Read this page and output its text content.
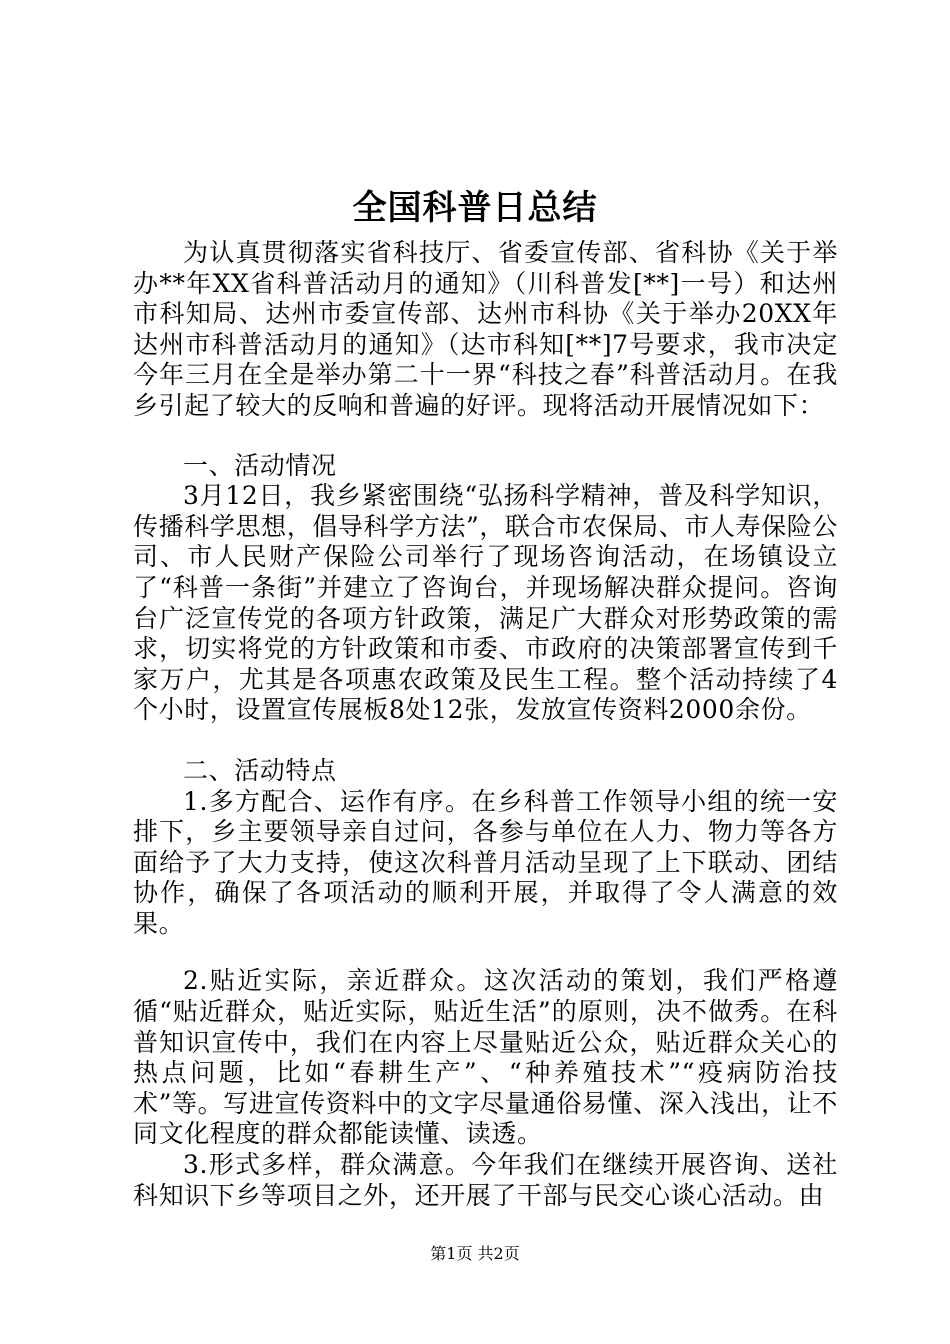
全国科普日总结

为认真贯彻落实省科技厅、省委宣传部、省科协《关于举办**年XX省科普活动月的通知》（川科普发[**]一号）和达州市科知局、达州市委宣传部、达州市科协《关于举办20XX年达州市科普活动月的通知》（达市科知[**]7号要求，我市决定今年三月在全是举办第二十一界“科技之春”科普活动月。在我乡引起了较大的反响和普遍的好评。现将活动开展情况如下：

一、活动情况

3月12日，我乡紧密围绕“弘扬科学精神，普及科学知识，传播科学思想，倡导科学方法”，联合市农保局、市人寿保险公司、市人民财产保险公司举行了现场咨询活动，在场镇设立了“科普一条街”并建立了咨询台，并现场解决群众提问。咨询台广泛宣传党的各项方针政策，满足广大群众对形势政策的需求，切实将党的方针政策和市委、市政府的决策部署宣传到千家万户，尤其是各项惠农政策及民生工程。整个活动持续了4个小时，设置宣传展板8处12张，发放宣传资料2000余份。

二、活动特点

1.多方配合、运作有序。在乡科普工作领导小组的统一安排下，乡主要领导亲自过问，各参与单位在人力、物力等各方面给予了大力支持，使这次科普月活动呈现了上下联动、团结协作，确保了各项活动的顺利开展，并取得了令人满意的效果。

2.贴近实际，亲近群众。这次活动的策划，我们严格遵循“贴近群众，贴近实际，贴近生活”的原则，决不做秀。在科普知识宣传中，我们在内容上尽量贴近公众，贴近群众关心的热点问题，比如“春耕生产”、“种养殖技术”“疫病防治技术”等。写进宣传资料中的文字尽量通俗易懂、深入浅出，让不同文化程度的群众都能读懂、读透。

3.形式多样，群众满意。今年我们在继续开展咨询、送社科知识下乡等项目之外，还开展了干部与民交心谈心活动。由

第1页 共2页
